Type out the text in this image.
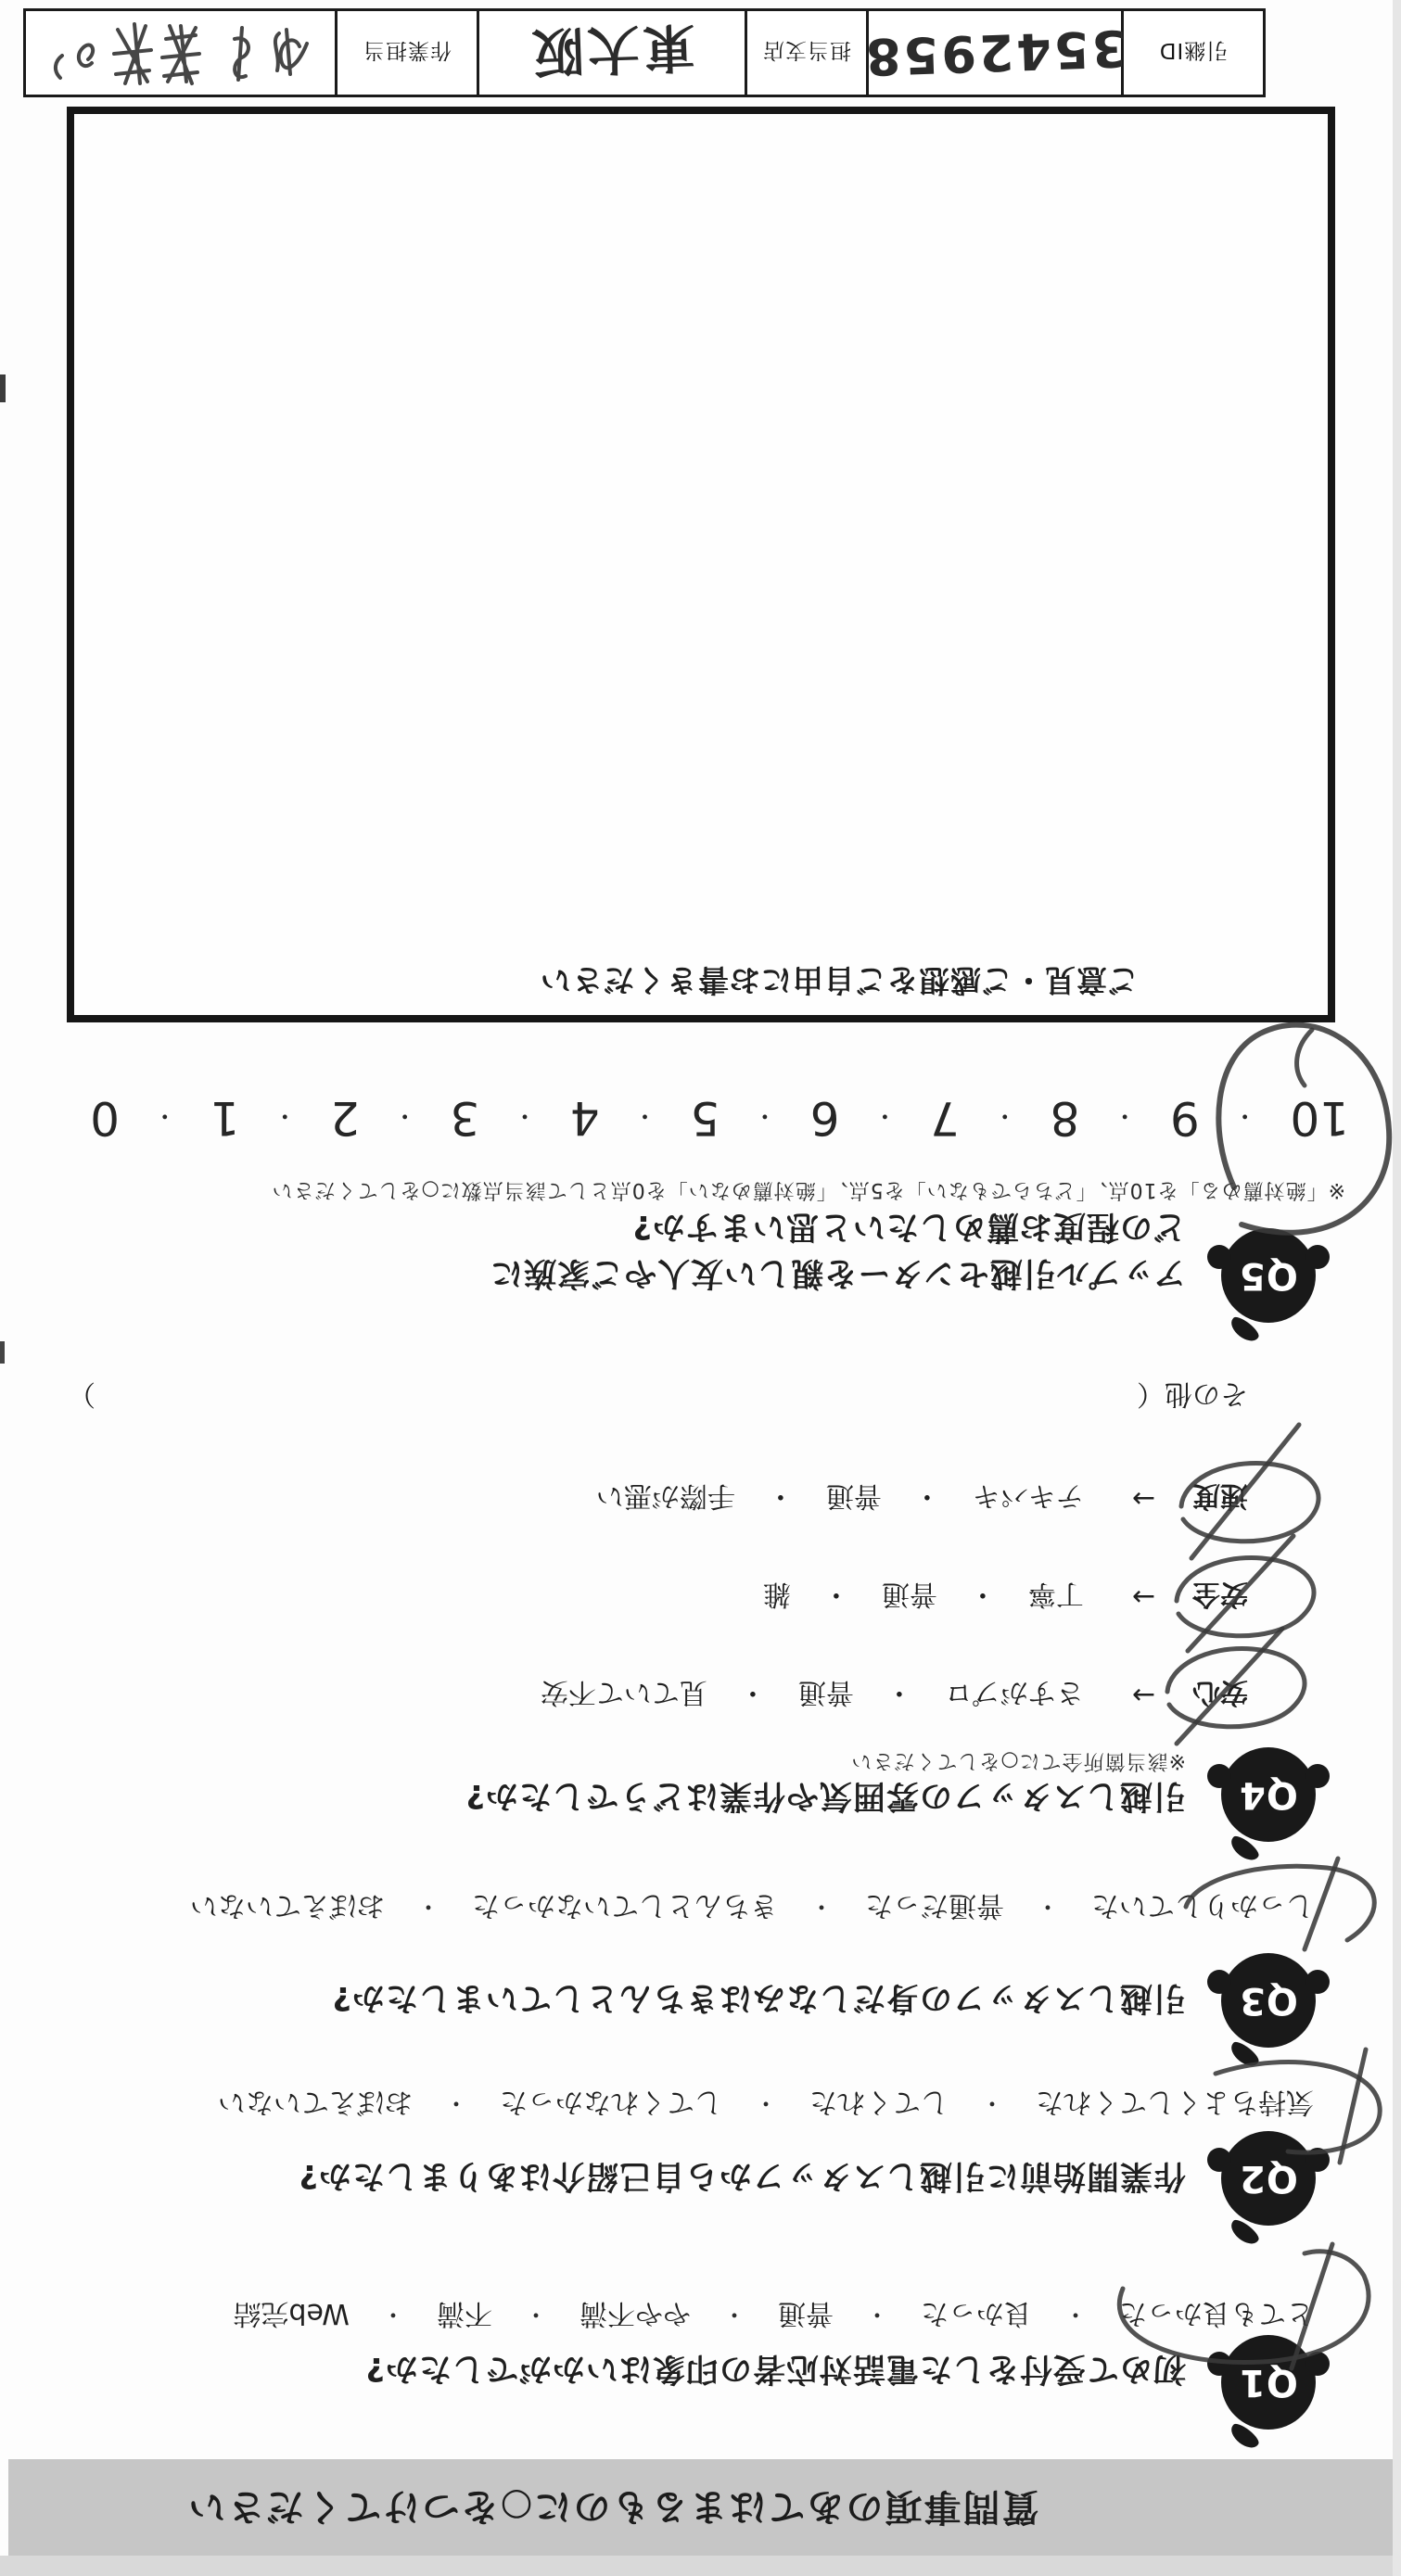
質問事項のあてはまるものに○をつけてください
Q1
初めて受付をした電話対応者の印象はいかがでしたか?
とても良かった
・
良かった
・
普通
・
やや不満
・
不満
・
Web完結
Q2
作業開始前に引越しスタッフから自己紹介はありましたか?
気持ちよくしてくれた
・
してくれた
・
してくれなかった
・
おぼえていない
Q3
引越しスタッフの身だしなみはきちんとしていましたか?
しっかりしていた
・
普通だった
・
きちんとしていなかった
・
おぼえていない
Q4
引越しスタッフの雰囲気や作業はどうでしたか?
※該当箇所全てに○をしてください
安心
→
さすがプロ
・
普通
・
見ていて不安
安全
→
丁寧
・
普通
・
雑
速度
→
テキパキ
・
普通
・
手際が悪い
その他（
）
Q5
アップル引越センターを親しい友人やご家族に
どの程度お薦めしたいと思いますか?
※「絶対薦める」を10点、「どちらでもない」を5点、「絶対薦めない」を0点として該当点数に○をしてください
10
・
9
・
8
・
7
・
6
・
5
・
4
・
3
・
2
・
1
・
0
ご意見・ご感想をご自由にお書きください
引継ID
3542958
担当支店
東大阪
作業担当
